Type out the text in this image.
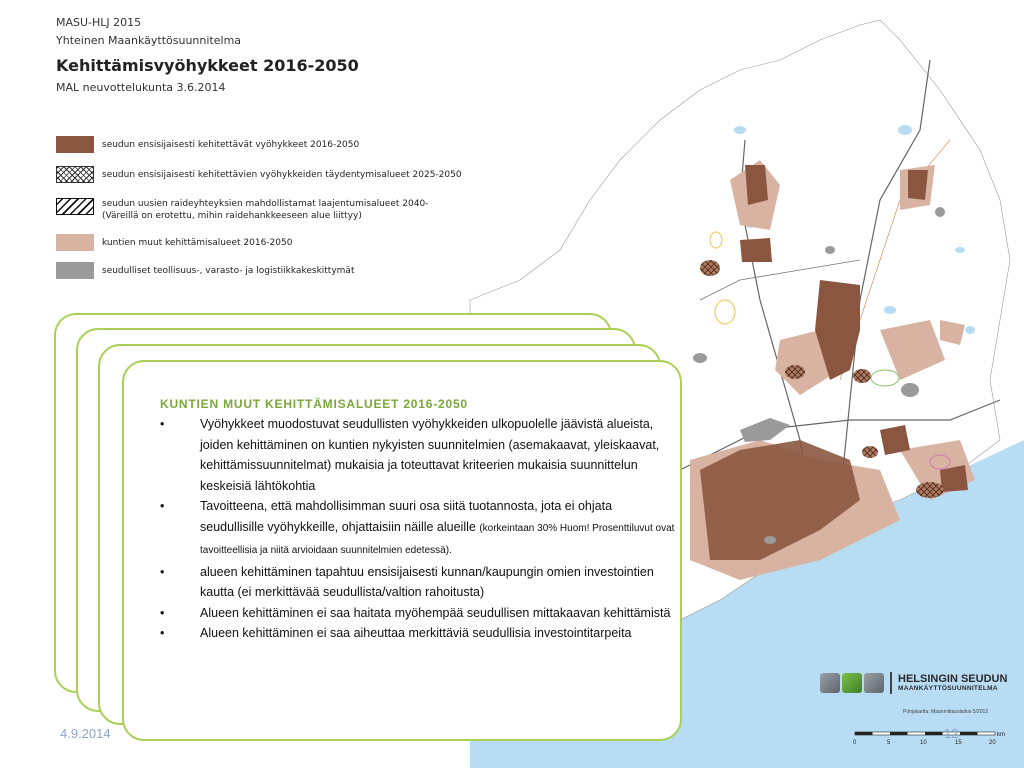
MASU-HLJ 2015
Yhteinen Maankäyttösuunnitelma
Kehittämisvyöhykkeet 2016-2050
MAL neuvottelukunta 3.6.2014
seudun ensisijaisesti kehitettävät vyöhykkeet 2016-2050
seudun ensisijaisesti kehitettävien vyöhykkeiden täydentymisalueet 2025-2050
seudun uusien raideyhteyksien mahdollistamat laajentumisalueet 2040-
(Väreillä on erotettu, mihin raidehankkeeseen alue liittyy)
kuntien muut kehittämisalueet 2016-2050
seudulliset teollisuus-, varasto- ja logistiikkakeskittymät
KUNTIEN MUUT KEHITTÄMISALUEET 2016-2050
•	Vyöhykkeet muodostuvat seudullisten vyöhykkeiden ulkopuolelle jäävistä alueista, joiden kehittäminen on kuntien nykyisten suunnitelmien (asemakaavat, yleiskaavat, kehittämissuunnitelmat) mukaisia ja toteuttavat kriteerien mukaisia suunnittelun keskeisiä lähtökohtia
•	Tavoitteena, että mahdollisimman suuri osa siitä tuotannosta, jota ei ohjata seudullisille vyöhykkeille, ohjattaisiin näille alueille (korkeintaan 30% Huom! Prosenttiluvut ovat tavoitteellisia ja niitä arvioidaan suunnitelmien edetessä).
•	alueen kehittäminen tapahtuu ensisijaisesti kunnan/kaupungin omien investointien kautta (ei merkittävää seudullista/valtion rahoitusta)
•	Alueen kehittäminen ei saa haitata myöhempää seudullisen mittakaavan kehittämistä
•	Alueen kehittäminen ei saa aiheuttaa merkittäviä seudullisia investointitarpeita
HELSINGIN SEUDUN
MAANKÄYTTÖSUUNNITELMA
Pohjakartta: Maanmittauslaitos 5/2012
0	5	10	15	20
km
4.9.2014	12
